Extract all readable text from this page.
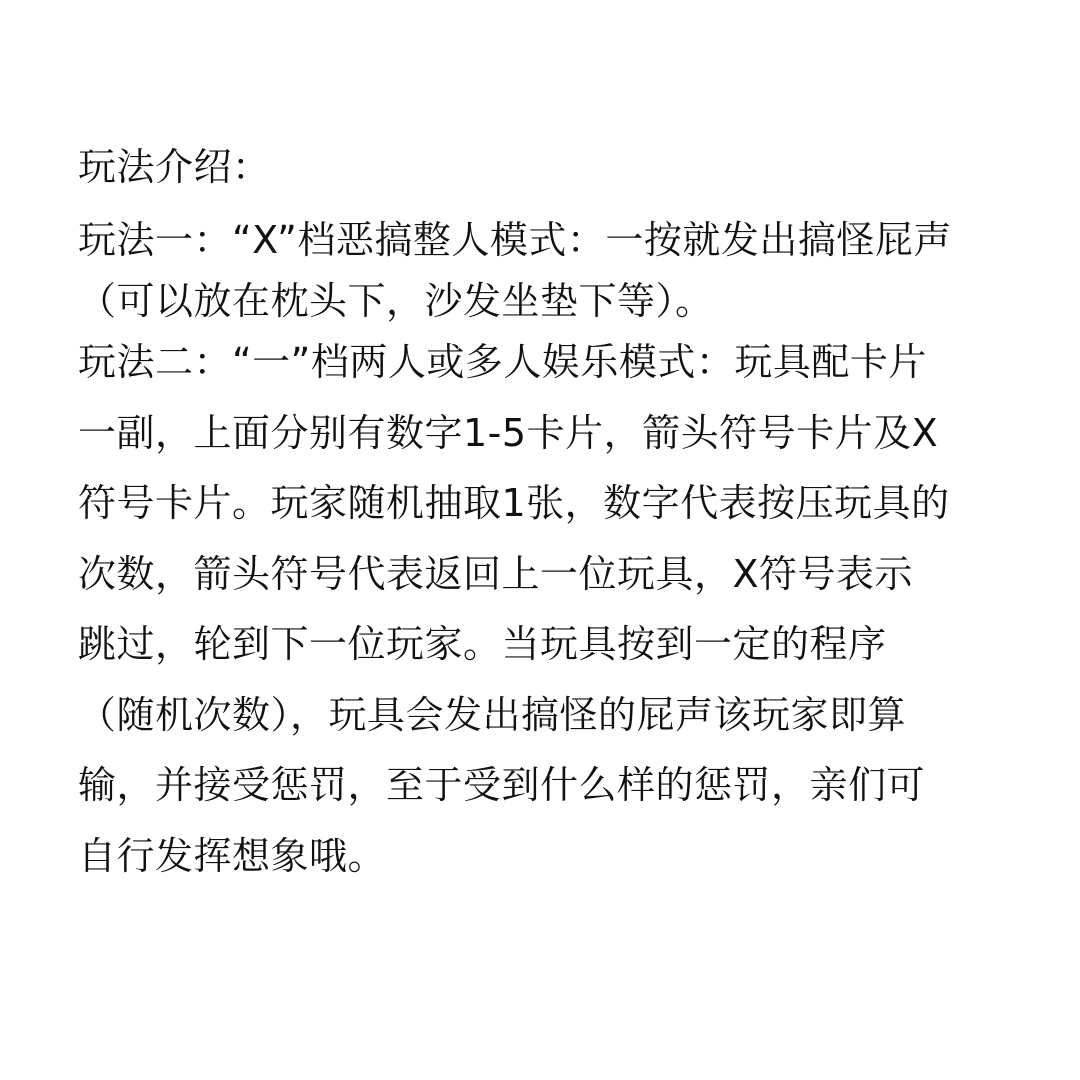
玩法介绍：
玩法一：“X”档恶搞整人模式：一按就发出搞怪屁声
（可以放在枕头下，沙发坐垫下等）。
玩法二：“一”档两人或多人娱乐模式：玩具配卡片
一副，上面分别有数字1-5卡片，箭头符号卡片及X
符号卡片。玩家随机抽取1张，数字代表按压玩具的
次数，箭头符号代表返回上一位玩具，X符号表示
跳过，轮到下一位玩家。当玩具按到一定的程序
（随机次数），玩具会发出搞怪的屁声该玩家即算
输，并接受惩罚，至于受到什么样的惩罚，亲们可
自行发挥想象哦。
